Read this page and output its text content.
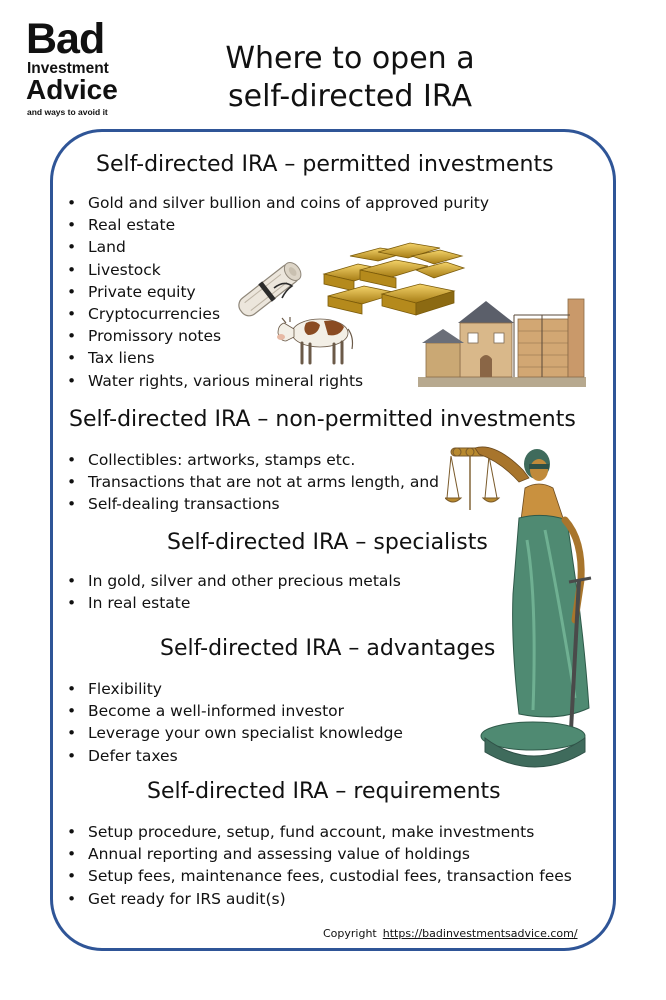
Bad
Investment
Advice
and ways to avoid it
Where to open a
self-directed IRA
Self-directed IRA – permitted investments
• Gold and silver bullion and coins of approved purity
• Real estate
• Land
• Livestock
• Private equity
• Cryptocurrencies
• Promissory notes
• Tax liens
• Water rights, various mineral rights
Self-directed IRA – non-permitted investments
• Collectibles: artworks, stamps etc.
• Transactions that are not at arms length, and
• Self-dealing transactions
Self-directed IRA – specialists
• In gold, silver and other precious metals
• In real estate
Self-directed IRA – advantages
• Flexibility
• Become a well-informed investor
• Leverage your own specialist knowledge
• Defer taxes
Self-directed IRA – requirements
• Setup procedure, setup, fund account, make investments
• Annual reporting and assessing value of holdings
• Setup fees, maintenance fees, custodial fees, transaction fees
• Get ready for IRS audit(s)
Copyright https://badinvestmentsadvice.com/
